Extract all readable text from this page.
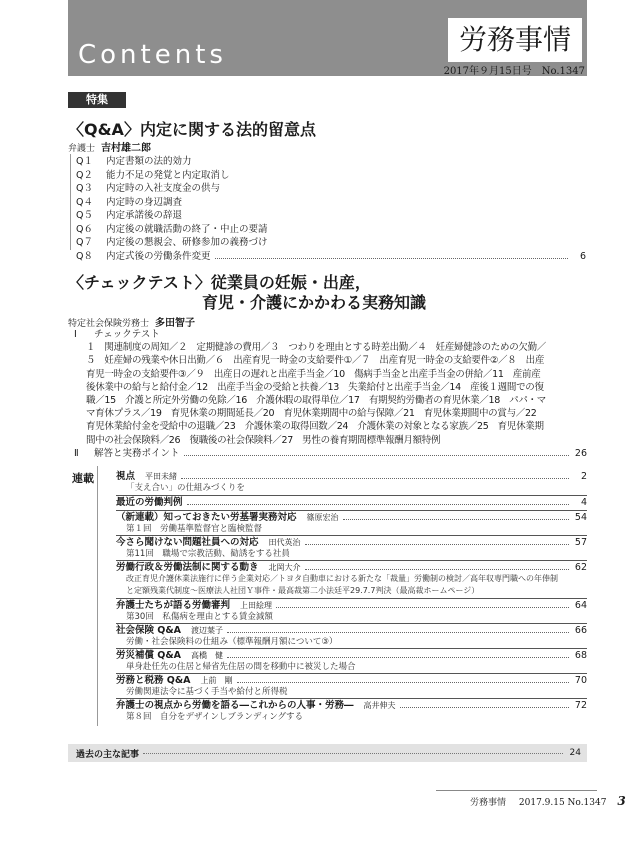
Contents	労務事情
2017年９月15日号 No.1347
特集
〈Q&A〉内定に関する法的留意点
弁護士 吉村雄二郎
Q１	内定書類の法的効力
Q２	能力不足の発覚と内定取消し
Q３	内定時の入社支度金の供与
Q４	内定時の身辺調査
Q５	内定承諾後の辞退
Q６	内定後の就職活動の終了・中止の要請
Q７	内定後の懇親会、研修参加の義務づけ
Q８	内定式後の労働条件変更	6
〈チェックテスト〉従業員の妊娠・出産，
育児・介護にかかわる実務知識
特定社会保険労務士 多田智子
Ⅰ	チェックテスト
１　関連制度の周知／２　定期健診の費用／３　つわりを理由とする時差出勤／４　妊産婦健診のための欠勤／
５　妊産婦の残業や休日出勤／６　出産育児一時金の支給要件①／７　出産育児一時金の支給要件②／８　出産
育児一時金の支給要件③／９　出産日の遅れと出産手当金／10　傷病手当金と出産手当金の併給／11　産前産
後休業中の給与と給付金／12　出産手当金の受給と扶養／13　失業給付と出産手当金／14　産後１週間での復
職／15　介護と所定外労働の免除／16　介護休暇の取得単位／17　有期契約労働者の育児休業／18　パパ・マ
マ育休プラス／19　育児休業の期間延長／20　育児休業期間中の給与保障／21　育児休業期間中の賞与／22
育児休業給付金を受給中の退職／23　介護休業の取得回数／24　介護休業の対象となる家族／25　育児休業期
間中の社会保険料／26　復職後の社会保険料／27　男性の養育期間標準報酬月額特例
Ⅱ	解答と実務ポイント	26
連載 視点 平田未緒	2
「支え合い」の仕組みづくりを
最近の労働判例	4
（新連載）知っておきたい労基署実務対応 篠原宏治	54
第１回　労働基準監督官と臨検監督
今さら聞けない問題社員への対応 田代英治	57
第11回　職場で宗教活動、勧誘をする社員
労働行政＆労働法制に関する動き 北岡大介	62
改正育児介護休業法施行に伴う企業対応／トヨタ自動車における新たな「裁量」労働制の検討／高年収専門職への年俸制
と定額残業代制度～医療法人社団Ｙ事件・最高裁第二小法廷平29.7.7判決（最高裁ホームページ）
弁護士たちが語る労働審判 上田絵理	64
第30回　私傷病を理由とする賃金減額
社会保険 Q&A 渡辺葉子	66
労働・社会保険料の仕組み（標準報酬月額について③）
労災補償 Q&A 高橋　健	68
単身赴任先の住居と帰省先住居の間を移動中に被災した場合
労務と税務 Q&A 上前　剛	70
労働関連法令に基づく手当や給付と所得税
弁護士の視点から労働を語る―これからの人事・労務― 高井伸夫	72
第８回　自分をデザインしブランディングする
過去の主な記事	24
労務事情 2017.9.15 No.1347 3
